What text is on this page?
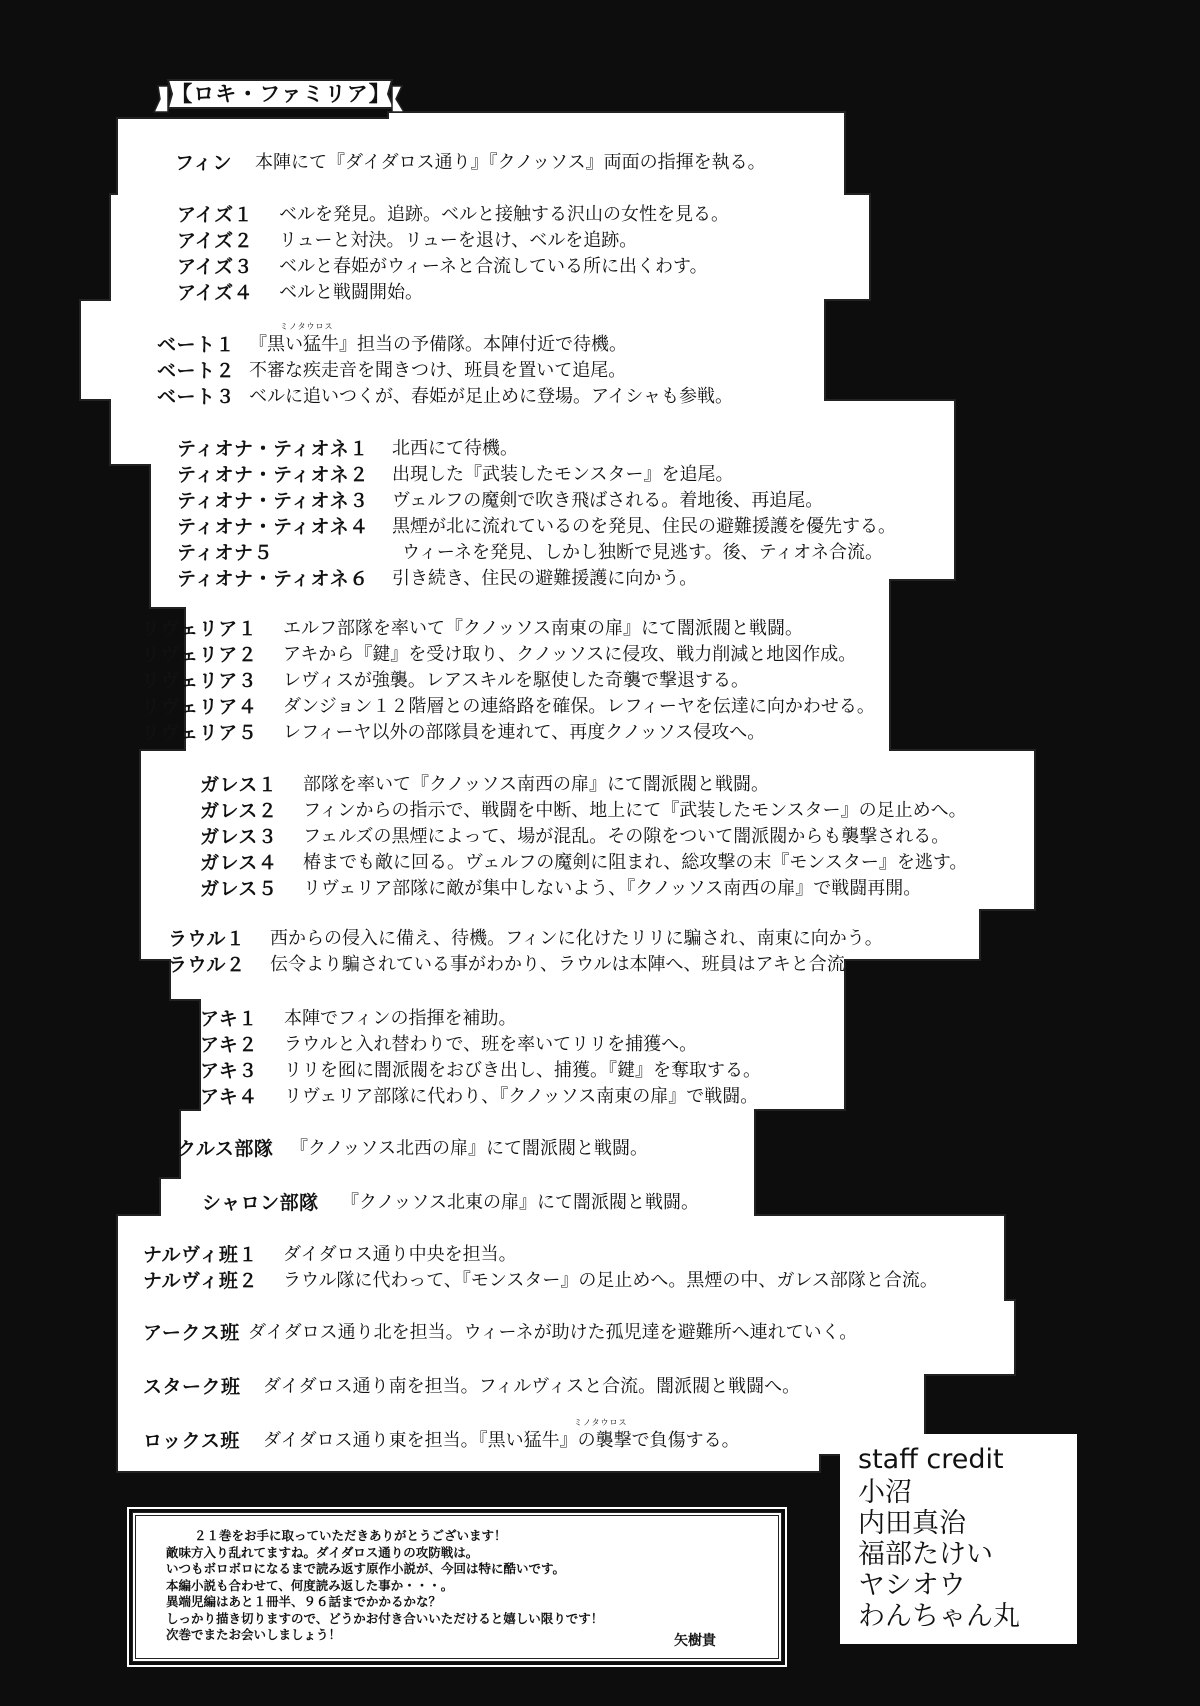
【ロキ・ファミリア】
フィン 本陣にて『ダイダロス通り』『クノッソス』両面の指揮を執る。
アイズ１ ベルを発見。追跡。ベルと接触する沢山の女性を見る。
アイズ２ リューと対決。リューを退け、ベルを追跡。
アイズ３ ベルと春姫がウィーネと合流している所に出くわす。
アイズ４ ベルと戦闘開始。
ミノタウロス
ベート１ 『黒い猛牛』担当の予備隊。本陣付近で待機。
ベート２ 不審な疾走音を聞きつけ、班員を置いて追尾。
ベート３ ベルに追いつくが、春姫が足止めに登場。アイシャも参戦。
ティオナ・ティオネ１ 北西にて待機。
ティオナ・ティオネ２ 出現した『武装したモンスター』を追尾。
ティオナ・ティオネ３ ヴェルフの魔剣で吹き飛ばされる。着地後、再追尾。
ティオナ・ティオネ４ 黒煙が北に流れているのを発見、住民の避難援護を優先する。
ティオナ５	ウィーネを発見、しかし独断で見逃す。後、ティオネ合流。
ティオナ・ティオネ６ 引き続き、住民の避難援護に向かう。
リヴェリア１ エルフ部隊を率いて『クノッソス南東の扉』にて闇派閥と戦闘。
リヴェリア２ アキから『鍵』を受け取り、クノッソスに侵攻、戦力削減と地図作成。
リヴェリア３ レヴィスが強襲。レアスキルを駆使した奇襲で撃退する。
リヴェリア４ ダンジョン１２階層との連絡路を確保。レフィーヤを伝達に向かわせる。
リヴェリア５ レフィーヤ以外の部隊員を連れて、再度クノッソス侵攻へ。
ガレス１ 部隊を率いて『クノッソス南西の扉』にて闇派閥と戦闘。
ガレス２ フィンからの指示で、戦闘を中断、地上にて『武装したモンスター』の足止めへ。
ガレス３ フェルズの黒煙によって、場が混乱。その隙をついて闇派閥からも襲撃される。
ガレス４ 椿までも敵に回る。ヴェルフの魔剣に阻まれ、総攻撃の末『モンスター』を逃す。
ガレス５ リヴェリア部隊に敵が集中しないよう、『クノッソス南西の扉』で戦闘再開。
ラウル１ 西からの侵入に備え、待機。フィンに化けたリリに騙され、南東に向かう。
ラウル２ 伝令より騙されている事がわかり、ラウルは本陣へ、班員はアキと合流。
アキ１ 本陣でフィンの指揮を補助。
アキ２ ラウルと入れ替わりで、班を率いてリリを捕獲へ。
アキ３ リリを囮に闇派閥をおびき出し、捕獲。『鍵』を奪取する。
アキ４ リヴェリア部隊に代わり、『クノッソス南東の扉』で戦闘。
クルス部隊 『クノッソス北西の扉』にて闇派閥と戦闘。
シャロン部隊 『クノッソス北東の扉』にて闇派閥と戦闘。
ナルヴィ班１ ダイダロス通り中央を担当。
ナルヴィ班２ ラウル隊に代わって、『モンスター』の足止めへ。黒煙の中、ガレス部隊と合流。
アークス班 ダイダロス通り北を担当。ウィーネが助けた孤児達を避難所へ連れていく。
スターク班 ダイダロス通り南を担当。フィルヴィスと合流。闇派閥と戦闘へ。
ミノタウロス
ロックス班 ダイダロス通り東を担当。『黒い猛牛』の襲撃で負傷する。
staff credit
小沼
内田真治
福部たけい
ヤシオウ
わんちゃん丸
２１巻をお手に取っていただきありがとうございます！
敵味方入り乱れてますね。ダイダロス通りの攻防戦は。
いつもボロボロになるまで読み返す原作小説が、今回は特に酷いです。
本編小説も合わせて、何度読み返した事か・・・。
異端児編はあと１冊半、９６話までかかるかな？
しっかり描き切りますので、どうかお付き合いいただけると嬉しい限りです！
次巻でまたお会いしましょう！	矢樹貴
